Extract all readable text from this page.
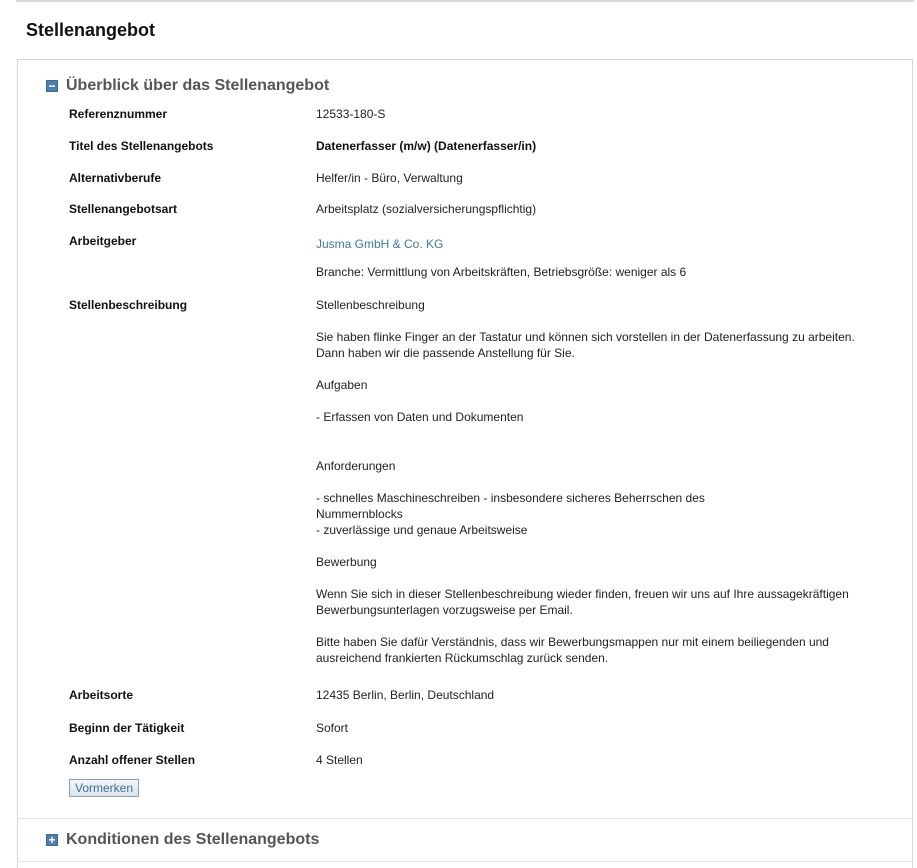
Stellenangebot
− Überblick über das Stellenangebot
Referenznummer	12533-180-S
Titel des Stellenangebots	Datenerfasser (m/w) (Datenerfasser/in)
Alternativberufe	Helfer/in - Büro, Verwaltung
Stellenangebotsart	Arbeitsplatz (sozialversicherungspflichtig)
Arbeitgeber	Jusma GmbH & Co. KG
Branche: Vermittlung von Arbeitskräften, Betriebsgröße: weniger als 6
Stellenbeschreibung	Stellenbeschreibung

Sie haben flinke Finger an der Tastatur und können sich vorstellen in der Datenerfassung zu arbeiten.
Dann haben wir die passende Anstellung für Sie.

Aufgaben

- Erfassen von Daten und Dokumenten

Anforderungen

- schnelles Maschineschreiben - insbesondere sicheres Beherrschen des
Nummernblocks
- zuverlässige und genaue Arbeitsweise

Bewerbung

Wenn Sie sich in dieser Stellenbeschreibung wieder finden, freuen wir uns auf Ihre aussagekräftigen
Bewerbungsunterlagen vorzugsweise per Email.

Bitte haben Sie dafür Verständnis, dass wir Bewerbungsmappen nur mit einem beiliegenden und
ausreichend frankierten Rückumschlag zurück senden.

Arbeitsorte	12435 Berlin, Berlin, Deutschland
Beginn der Tätigkeit	Sofort
Anzahl offener Stellen	4 Stellen
Vormerken
+ Konditionen des Stellenangebots
